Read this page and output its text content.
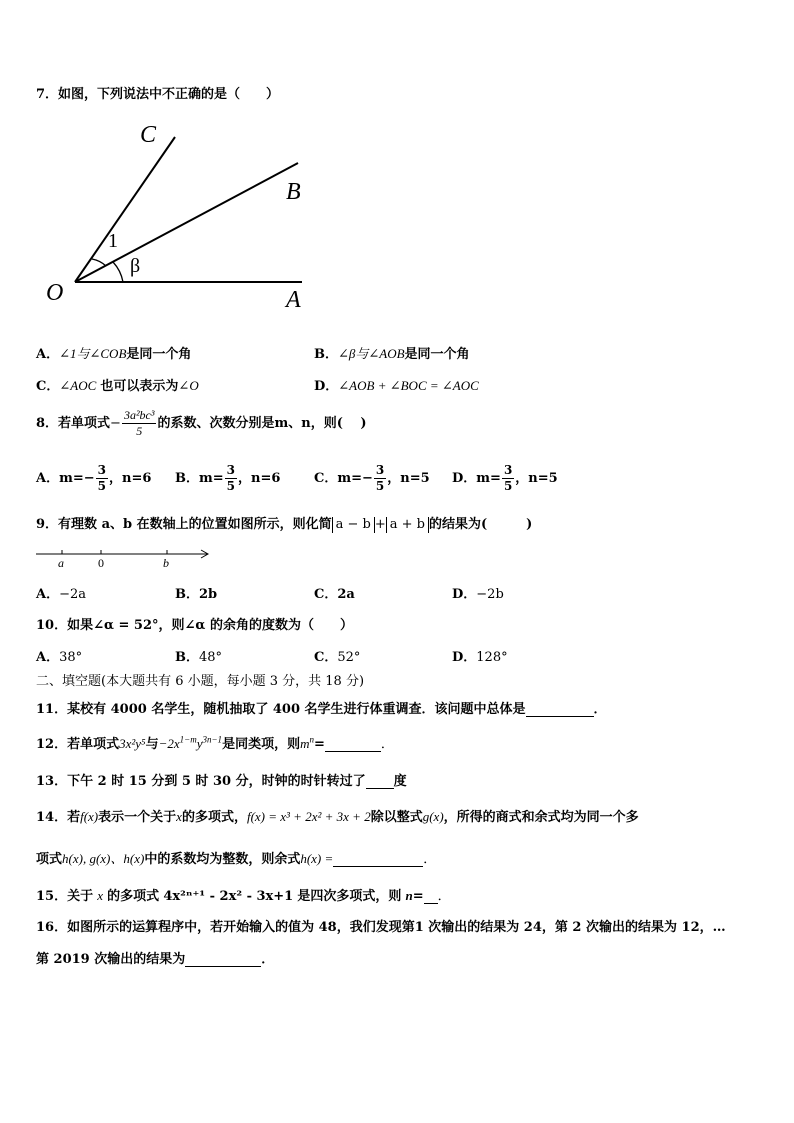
7．如图，下列说法中不正确的是（　　）
C
B
O	A
1
β
A．∠1与∠COB是同一个角	B．∠β与∠AOB是同一个角
C．∠AOC 也可以表示为∠O	D．∠AOB + ∠BOC = ∠AOC
8．若单项式− $\frac{\text{3a²bc³}}{5}$ 的系数、次数分别是m、n，则(　 )
A．$m=- \frac{3}{5}$ ，n=6 B．$m= \frac{3}{5}$ ，n=6	C．$m=- \frac{3}{5}$ ，n=5 D．$m= \frac{3}{5}$ ，n=5
9．有理数 a、b 在数轴上的位置如图所示，则化简 a − b + a + b 的结果为(　　　)
a	0	b
A．−2a	B．2b	C．2a	D．−2b
10．如果∠α = 52°，则∠α 的余角的度数为（　　）
A．38°	B．48°	C．52°	D．128°
二、填空题(本大题共有 6 小题，每小题 3 分，共 18 分)
11．某校有 4000 名学生，随机抽取了 400 名学生进行体重调查．该问题中总体是	．
12．若单项式3x²y⁵与$-2x^{1-m}y^{3n-1}$是同类项，则$m^n=$	．
13．下午 2 时 15 分到 5 时 30 分，时钟的时针转过了 度
14．若f(x)表示一个关于x的多项式，f(x) = x³ + 2x² + 3x + 2除以整式g(x)，所得的商式和余式均为同一个多
项式h(x), g(x)、h(x)中的系数均为整数，则余式h(x) =	．
15．关于 x 的多项式 4x²ⁿ⁺¹ - 2x² - 3x+1 是四次多项式，则 n= ．
16．如图所示的运算程序中，若开始输入的值为 48，我们发现第1 次输出的结果为 24，第 2 次输出的结果为 12，…
第 2019 次输出的结果为	．
